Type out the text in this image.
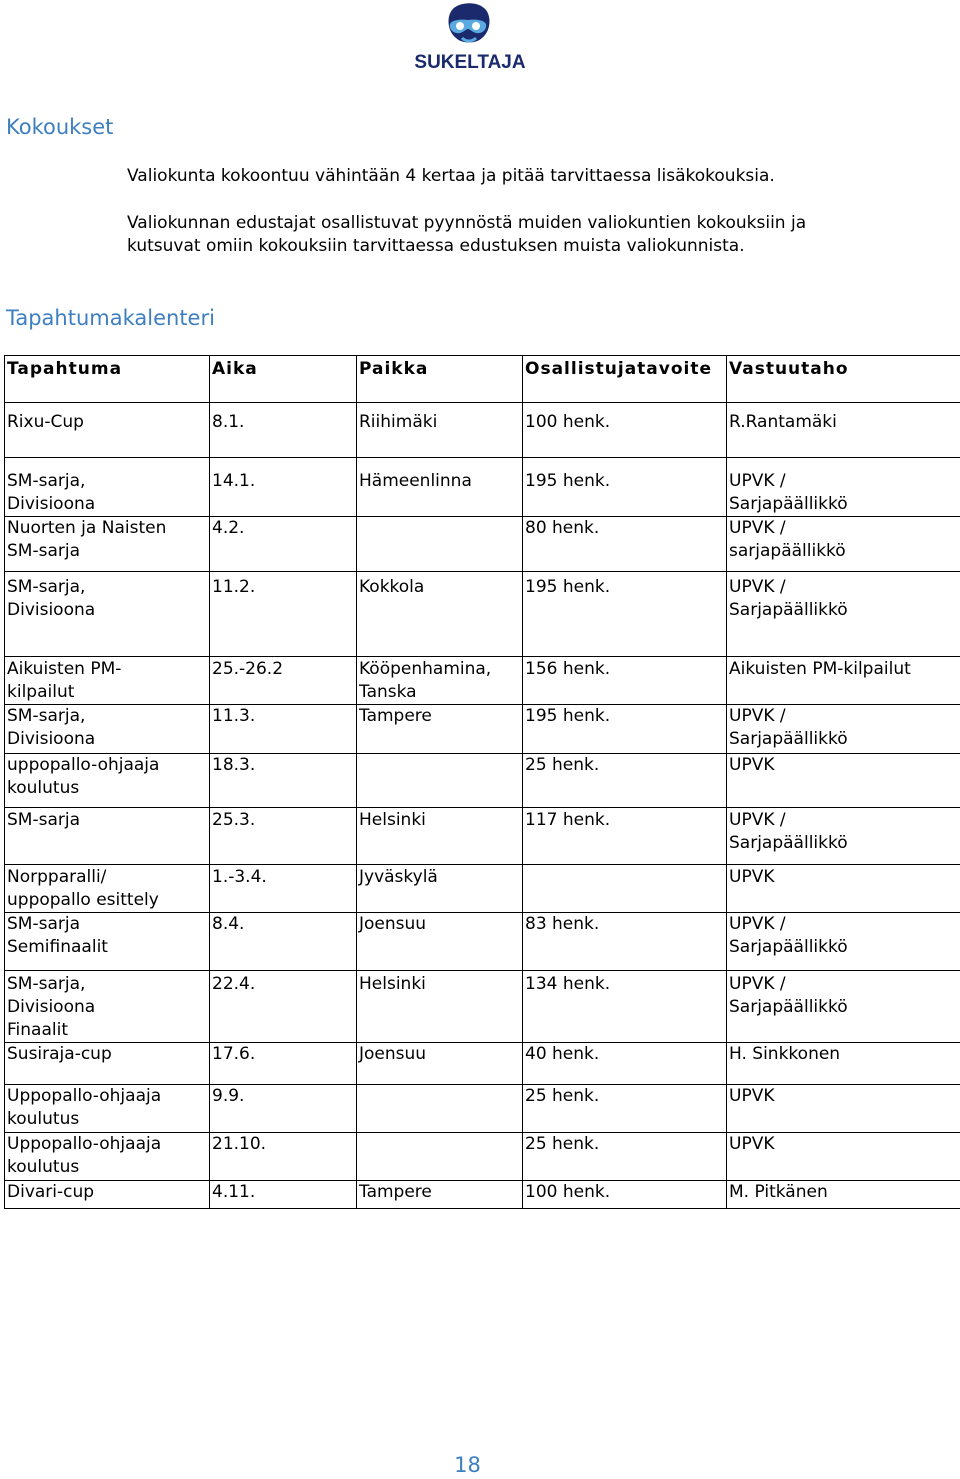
SUKELTAJA
Kokoukset

Valiokunta kokoontuu vähintään 4 kertaa ja pitää tarvittaessa lisäkokouksia.

Valiokunnan edustajat osallistuvat pyynnöstä muiden valiokuntien kokouksiin ja
kutsuvat omiin kokouksiin tarvittaessa edustuksen muista valiokunnista.

Tapahtumakalenteri
Tapahtuma	Aika	Paikka	Osallistujatavoite	Vastuutaho
Rixu-Cup	8.1.	Riihimäki	100 henk.	R.Rantamäki
SM-sarja,
Divisioona	14.1.	Hämeenlinna	195 henk.	UPVK /
Sarjapäällikkö
Nuorten ja Naisten
SM-sarja	4.2.		80 henk.	UPVK /
sarjapäällikkö
SM-sarja,
Divisioona	11.2.	Kokkola	195 henk.	UPVK /
Sarjapäällikkö
Aikuisten PM-
kilpailut	25.-26.2	Kööpenhamina,
Tanska	156 henk.	Aikuisten PM-kilpailut
SM-sarja,
Divisioona	11.3.	Tampere	195 henk.	UPVK /
Sarjapäällikkö
uppopallo-ohjaaja
koulutus	18.3.		25 henk.	UPVK
SM-sarja	25.3.	Helsinki	117 henk.	UPVK /
Sarjapäällikkö
Norpparalli/
uppopallo esittely	1.-3.4.	Jyväskylä		UPVK
SM-sarja
Semifinaalit	8.4.	Joensuu	83 henk.	UPVK /
Sarjapäällikkö
SM-sarja,
Divisioona
Finaalit	22.4.	Helsinki	134 henk.	UPVK /
Sarjapäällikkö
Susiraja-cup	17.6.	Joensuu	40 henk.	H. Sinkkonen
Uppopallo-ohjaaja
koulutus	9.9.		25 henk.	UPVK
Uppopallo-ohjaaja
koulutus	21.10.		25 henk.	UPVK
Divari-cup	4.11.	Tampere	100 henk.	M. Pitkänen
18
